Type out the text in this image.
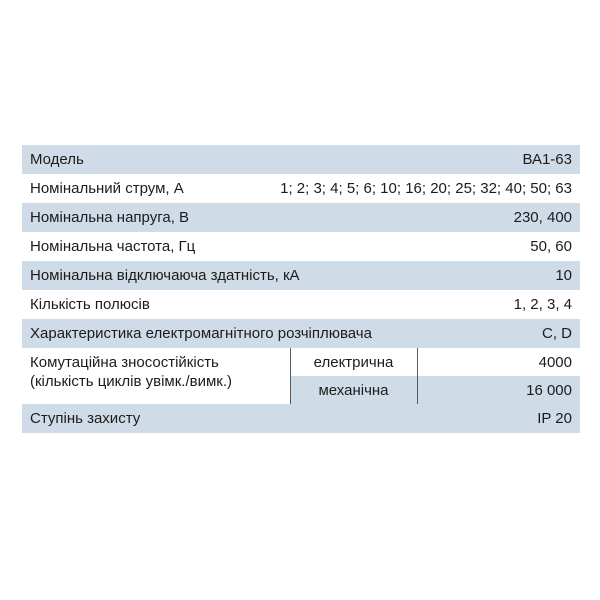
Модель	ВА1-63
Номінальний струм, А	1; 2; 3; 4; 5; 6; 10; 16; 20; 25; 32; 40; 50; 63
Номінальна напруга, В	230, 400
Номінальна частота, Гц	50, 60
Номінальна відключаюча здатність, кА	10
Кількість полюсів	1, 2, 3, 4
Характеристика електромагнітного розчіплювача	C, D
Комутаційна зносостійкість
(кількість циклів увімк./вимк.)
електрична	4000
механічна	16 000
Ступінь захисту	IP 20
